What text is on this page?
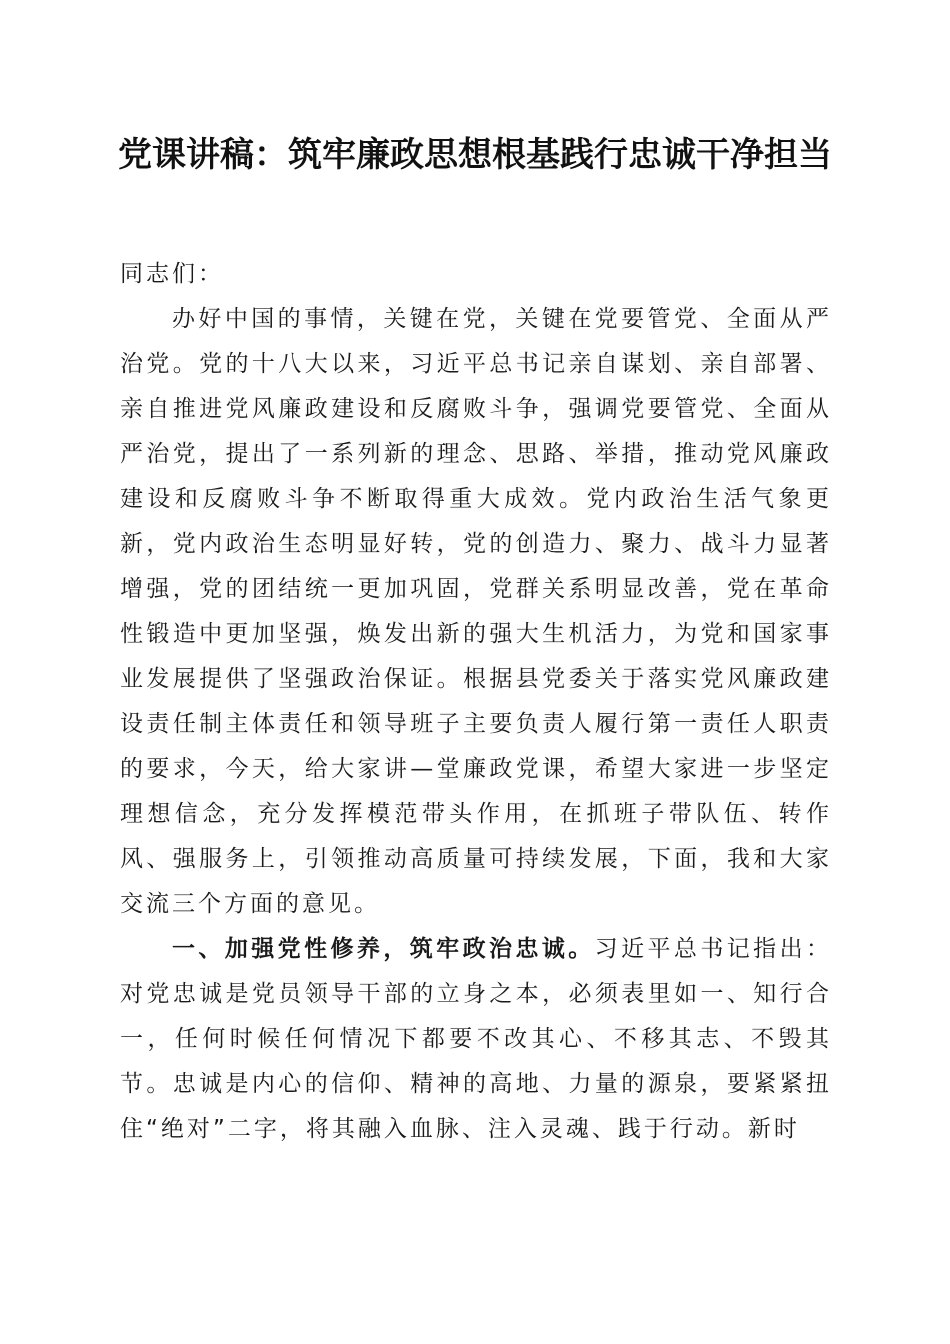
党课讲稿：筑牢廉政思想根基践行忠诚干净担当

同志们：

办好中国的事情，关键在党，关键在党要管党、全面从严治党。党的十八大以来，习近平总书记亲自谋划、亲自部署、亲自推进党风廉政建设和反腐败斗争，强调党要管党、全面从严治党，提出了一系列新的理念、思路、举措，推动党风廉政建设和反腐败斗争不断取得重大成效。党内政治生活气象更新，党内政治生态明显好转，党的创造力、聚力、战斗力显著增强，党的团结统一更加巩固，党群关系明显改善，党在革命性锻造中更加坚强，焕发出新的强大生机活力，为党和国家事业发展提供了坚强政治保证。根据县党委关于落实党风廉政建设责任制主体责任和领导班子主要负责人履行第一责任人职责的要求，今天，给大家讲—堂廉政党课，希望大家进一步坚定理想信念，充分发挥模范带头作用，在抓班子带队伍、转作风、强服务上，引领推动高质量可持续发展，下面，我和大家交流三个方面的意见。

一、加强党性修养，筑牢政治忠诚。习近平总书记指出：对党忠诚是党员领导干部的立身之本，必须表里如一、知行合一，任何时候任何情况下都要不改其心、不移其志、不毁其节。忠诚是内心的信仰、精神的高地、力量的源泉，要紧紧扭住“绝对”二字，将其融入血脉、注入灵魂、践于行动。新时
